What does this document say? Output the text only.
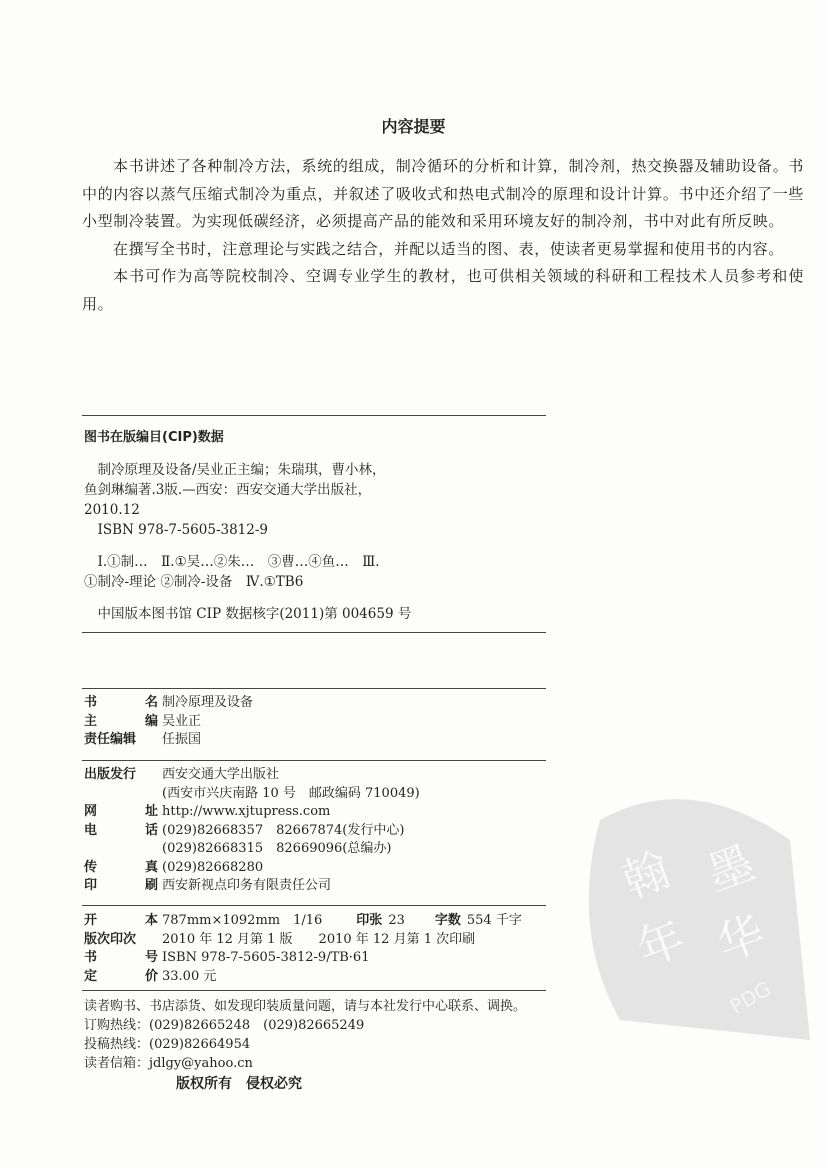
内容提要

本书讲述了各种制冷方法，系统的组成，制冷循环的分析和计算，制冷剂，热交换器及辅助设备。书中的内容以蒸气压缩式制冷为重点，并叙述了吸收式和热电式制冷的原理和设计计算。书中还介绍了一些小型制冷装置。为实现低碳经济，必须提高产品的能效和采用环境友好的制冷剂，书中对此有所反映。

在撰写全书时，注意理论与实践之结合，并配以适当的图、表，使读者更易掌握和使用书的内容。

本书可作为高等院校制冷、空调专业学生的教材，也可供相关领域的科研和工程技术人员参考和使用。

图书在版编目(CIP)数据
　制冷原理及设备/吴业正主编；朱瑞琪，曹小林，
鱼剑琳编著.3版.—西安：西安交通大学出版社，
2010.12
　ISBN 978-7-5605-3812-9
　Ⅰ.①制…　Ⅱ.①吴…②朱…　③曹…④鱼…　Ⅲ.
①制冷-理论 ②制冷-设备　Ⅳ.①TB6
　中国版本图书馆 CIP 数据核字(2011)第 004659 号
书	名 制冷原理及设备
主	编 吴业正
责任编辑 任振国
出版发行 西安交通大学出版社
(西安市兴庆南路 10 号　邮政编码 710049)
网	址 http://www.xjtupress.com
电	话 (029)82668357　82667874(发行中心)
(029)82668315　82669096(总编办)
传	真 (029)82668280
印	刷 西安新视点印务有限责任公司
开	本 787mm×1092mm　1/16	印张 23 字数 554 千字
版次印次 2010 年 12 月第 1 版　　2010 年 12 月第 1 次印刷
书	号 ISBN 978-7-5605-3812-9/TB·61
定	价 33.00 元
读者购书、书店添货、如发现印装质量问题，请与本社发行中心联系、调换。
订购热线：(029)82665248　(029)82665249
投稿热线：(029)82664954
读者信箱：jdlgy@yahoo.cn
版权所有　侵权必究
翰 墨
年 华
PDG
